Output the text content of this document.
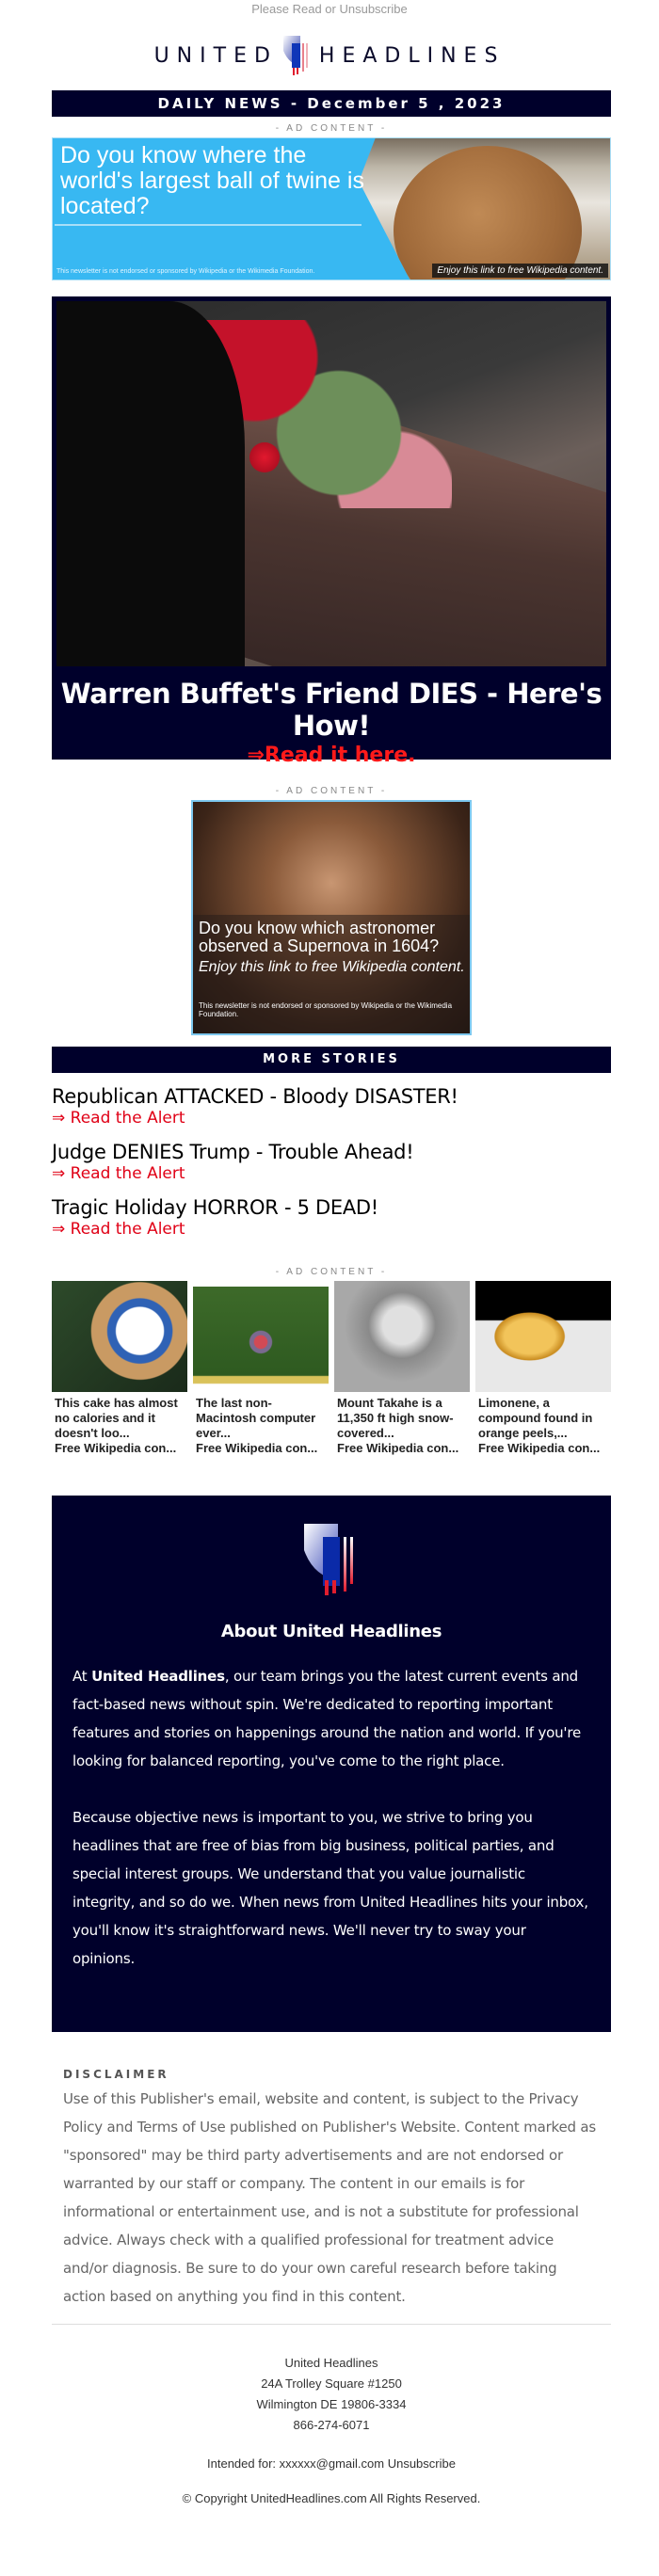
Please Read or Unsubscribe
UNITED HEADLINES
DAILY NEWS - December 5 , 2023
- AD CONTENT -
Do you know where the world's largest ball of twine is located?
This newsletter is not endorsed or sponsored by Wikipedia or the Wikimedia Foundation.	Enjoy this link to free Wikipedia content.
Warren Buffet's Friend DIES - Here's How!
⇒Read it here.
- AD CONTENT -
Do you know which astronomer observed a Supernova in 1604?
Enjoy this link to free Wikipedia content.
This newsletter is not endorsed or sponsored by Wikipedia or the Wikimedia Foundation.
MORE STORIES
Republican ATTACKED - Bloody DISASTER!
⇒ Read the Alert
Judge DENIES Trump - Trouble Ahead!
⇒ Read the Alert
Tragic Holiday HORROR - 5 DEAD!
⇒ Read the Alert
- AD CONTENT -
This cake has almost no calories and it doesn't loo...
Free Wikipedia con...
The last non-Macintosh computer ever...
Free Wikipedia con...
Mount Takahe is a 11,350 ft high snow-covered...
Free Wikipedia con...
Limonene, a compound found in orange peels,...
Free Wikipedia con...
About United Headlines

At United Headlines, our team brings you the latest current events and fact-based news without spin. We're dedicated to reporting important features and stories on happenings around the nation and world. If you're looking for balanced reporting, you've come to the right place.

Because objective news is important to you, we strive to bring you headlines that are free of bias from big business, political parties, and special interest groups. We understand that you value journalistic integrity, and so do we. When news from United Headlines hits your inbox, you'll know it's straightforward news. We'll never try to sway your opinions.

DISCLAIMER
Use of this Publisher's email, website and content, is subject to the Privacy Policy and Terms of Use published on Publisher's Website. Content marked as "sponsored" may be third party advertisements and are not endorsed or warranted by our staff or company. The content in our emails is for informational or entertainment use, and is not a substitute for professional advice. Always check with a qualified professional for treatment advice and/or diagnosis. Be sure to do your own careful research before taking action based on anything you find in this content.
United Headlines
24A Trolley Square #1250
Wilmington DE 19806-3334
866-274-6071
Intended for: xxxxxx@gmail.com Unsubscribe
© Copyright UnitedHeadlines.com All Rights Reserved.
